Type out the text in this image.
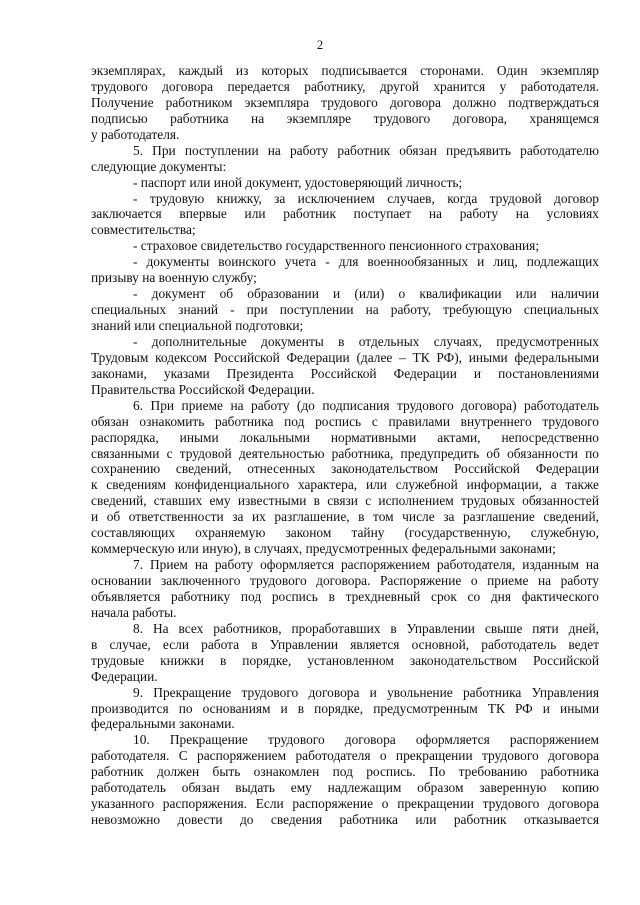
2
экземплярах, каждый из которых подписывается сторонами. Один экземпляр
трудового договора передается работнику, другой хранится у работодателя.
Получение работником экземпляра трудового договора должно подтверждаться
подписью работника на экземпляре трудового договора, хранящемся
у работодателя.
5. При поступлении на работу работник обязан предъявить работодателю
следующие документы:
- паспорт или иной документ, удостоверяющий личность;
- трудовую книжку, за исключением случаев, когда трудовой договор
заключается впервые или работник поступает на работу на условиях
совместительства;
- страховое свидетельство государственного пенсионного страхования;
- документы воинского учета - для военнообязанных и лиц, подлежащих
призыву на военную службу;
- документ об образовании и (или) о квалификации или наличии
специальных знаний - при поступлении на работу, требующую специальных
знаний или специальной подготовки;
- дополнительные документы в отдельных случаях, предусмотренных
Трудовым кодексом Российской Федерации (далее – ТК РФ), иными федеральными
законами, указами Президента Российской Федерации и постановлениями
Правительства Российской Федерации.
6. При приеме на работу (до подписания трудового договора) работодатель
обязан ознакомить работника под роспись с правилами внутреннего трудового
распорядка, иными локальными нормативными актами, непосредственно
связанными с трудовой деятельностью работника, предупредить об обязанности по
сохранению сведений, отнесенных законодательством Российской Федерации
к сведениям конфиденциального характера, или служебной информации, а также
сведений, ставших ему известными в связи с исполнением трудовых обязанностей
и об ответственности за их разглашение, в том числе за разглашение сведений,
составляющих охраняемую законом тайну (государственную, служебную,
коммерческую или иную), в случаях, предусмотренных федеральными законами;
7. Прием на работу оформляется распоряжением работодателя, изданным на
основании заключенного трудового договора. Распоряжение о приеме на работу
объявляется работнику под роспись в трехдневный срок со дня фактического
начала работы.
8. На всех работников, проработавших в Управлении свыше пяти дней,
в случае, если работа в Управлении является основной, работодатель ведет
трудовые книжки в порядке, установленном законодательством Российской
Федерации.
9. Прекращение трудового договора и увольнение работника Управления
производится по основаниям и в порядке, предусмотренным ТК РФ и иными
федеральными законами.
10. Прекращение трудового договора оформляется распоряжением
работодателя. С распоряжением работодателя о прекращении трудового договора
работник должен быть ознакомлен под роспись. По требованию работника
работодатель обязан выдать ему надлежащим образом заверенную копию
указанного распоряжения. Если распоряжение о прекращении трудового договора
невозможно довести до сведения работника или работник отказывается
